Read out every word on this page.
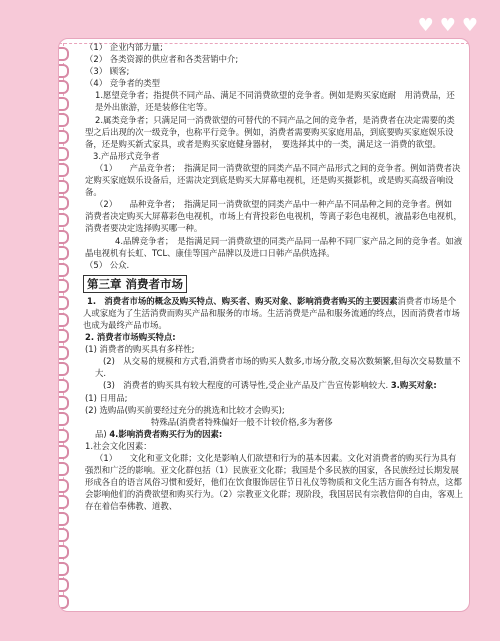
♥ ♥ ♥
（1） 企业内部力量;
（2） 各类资源的供应者和各类营销中介;
（3） 顾客;
（4） 竞争者的类型
1.愿望竞争者；指提供不同产品、满足不同消费欲望的竞争者。例如是购买家庭耐　用消费品，还是外出旅游，还是装修住宅等。
2.属类竞争者；只满足同一消费欲望的可替代的不同产品之间的竞争者，是消费者在决定需要的类型之后出现的次一级竞争，也称平行竞争。例如，消费者需要购买家庭用品，到底要购买家庭娱乐设备，还是购买新式家具，或者是购买家庭健身器材，　要选择其中的一类，满足这一消费的欲望。
3.产品形式竞争者
（1）　　产品竞争者；　指满足同一消费欲望的同类产品不同产品形式之间的竞争者。例如消费者决定购买家庭娱乐设备后，还需决定到底是购买大屏幕电视机，还是购买摄影机，或是购买高级音响设备。
（2）　　品种竞争者；　指满足同一消费欲望的同类产品中一种产品不同品种之间的竞争者。例如　消费者决定购买大屏幕彩色电视机，市场上有背投彩色电视机，等离子彩色电视机，液晶彩色电视机，消费者要决定选择购买哪一种。
4.品牌竞争者；　是指满足同一消费欲望的同类产品同一品种不同厂家产品之间的竞争者。如液晶电视机有长虹、TCL、康佳等国产品牌以及进口日韩产品供选择。
（5） 公众.
第三章 消费者市场
1.　消费者市场的概念及购买特点、购买者、购买对象、影响消费者购买的主要因素消费者市场是个人或家庭为了生活消费而购买产品和服务的市场。生活消费是产品和服务流通的终点，因而消费者市场也成为最终产品市场。
2. 消费者市场购买特点:
(1) 消费者的购买具有多样性;
(2)　从交易的规模和方式看,消费者市场的购买人数多,市场分散,交易次数频繁,但每次交易数量不大.
(3)　消费者的购买具有较大程度的可诱导性,受企业产品及广告宣传影响较大. 3.购买对象:
(1) 日用品;
(2) 选购品(购买前要经过充分的挑选和比较才会购买);
特殊品(消费者特殊偏好一般不计较价格,多为奢侈品) 4.影响消费者购买行为的因素:
1.社会文化因素：
（1）　　文化和亚文化群；文化是影响人们欲望和行为的基本因素。文化对消费者的购买行为具有强烈和广泛的影响。亚文化群包括（1）民族亚文化群；我国是个多民族的国家，各民族经过长期发展形成各自的语言风俗习惯和爱好，他们在饮食服饰居住节日礼仪等物质和文化生活方面各有特点，这都会影响他们的消费欲望和购买行为。（2）宗教亚文化群；现阶段，我国居民有宗教信仰的自由，客观上存在着信奉佛教、道教、
